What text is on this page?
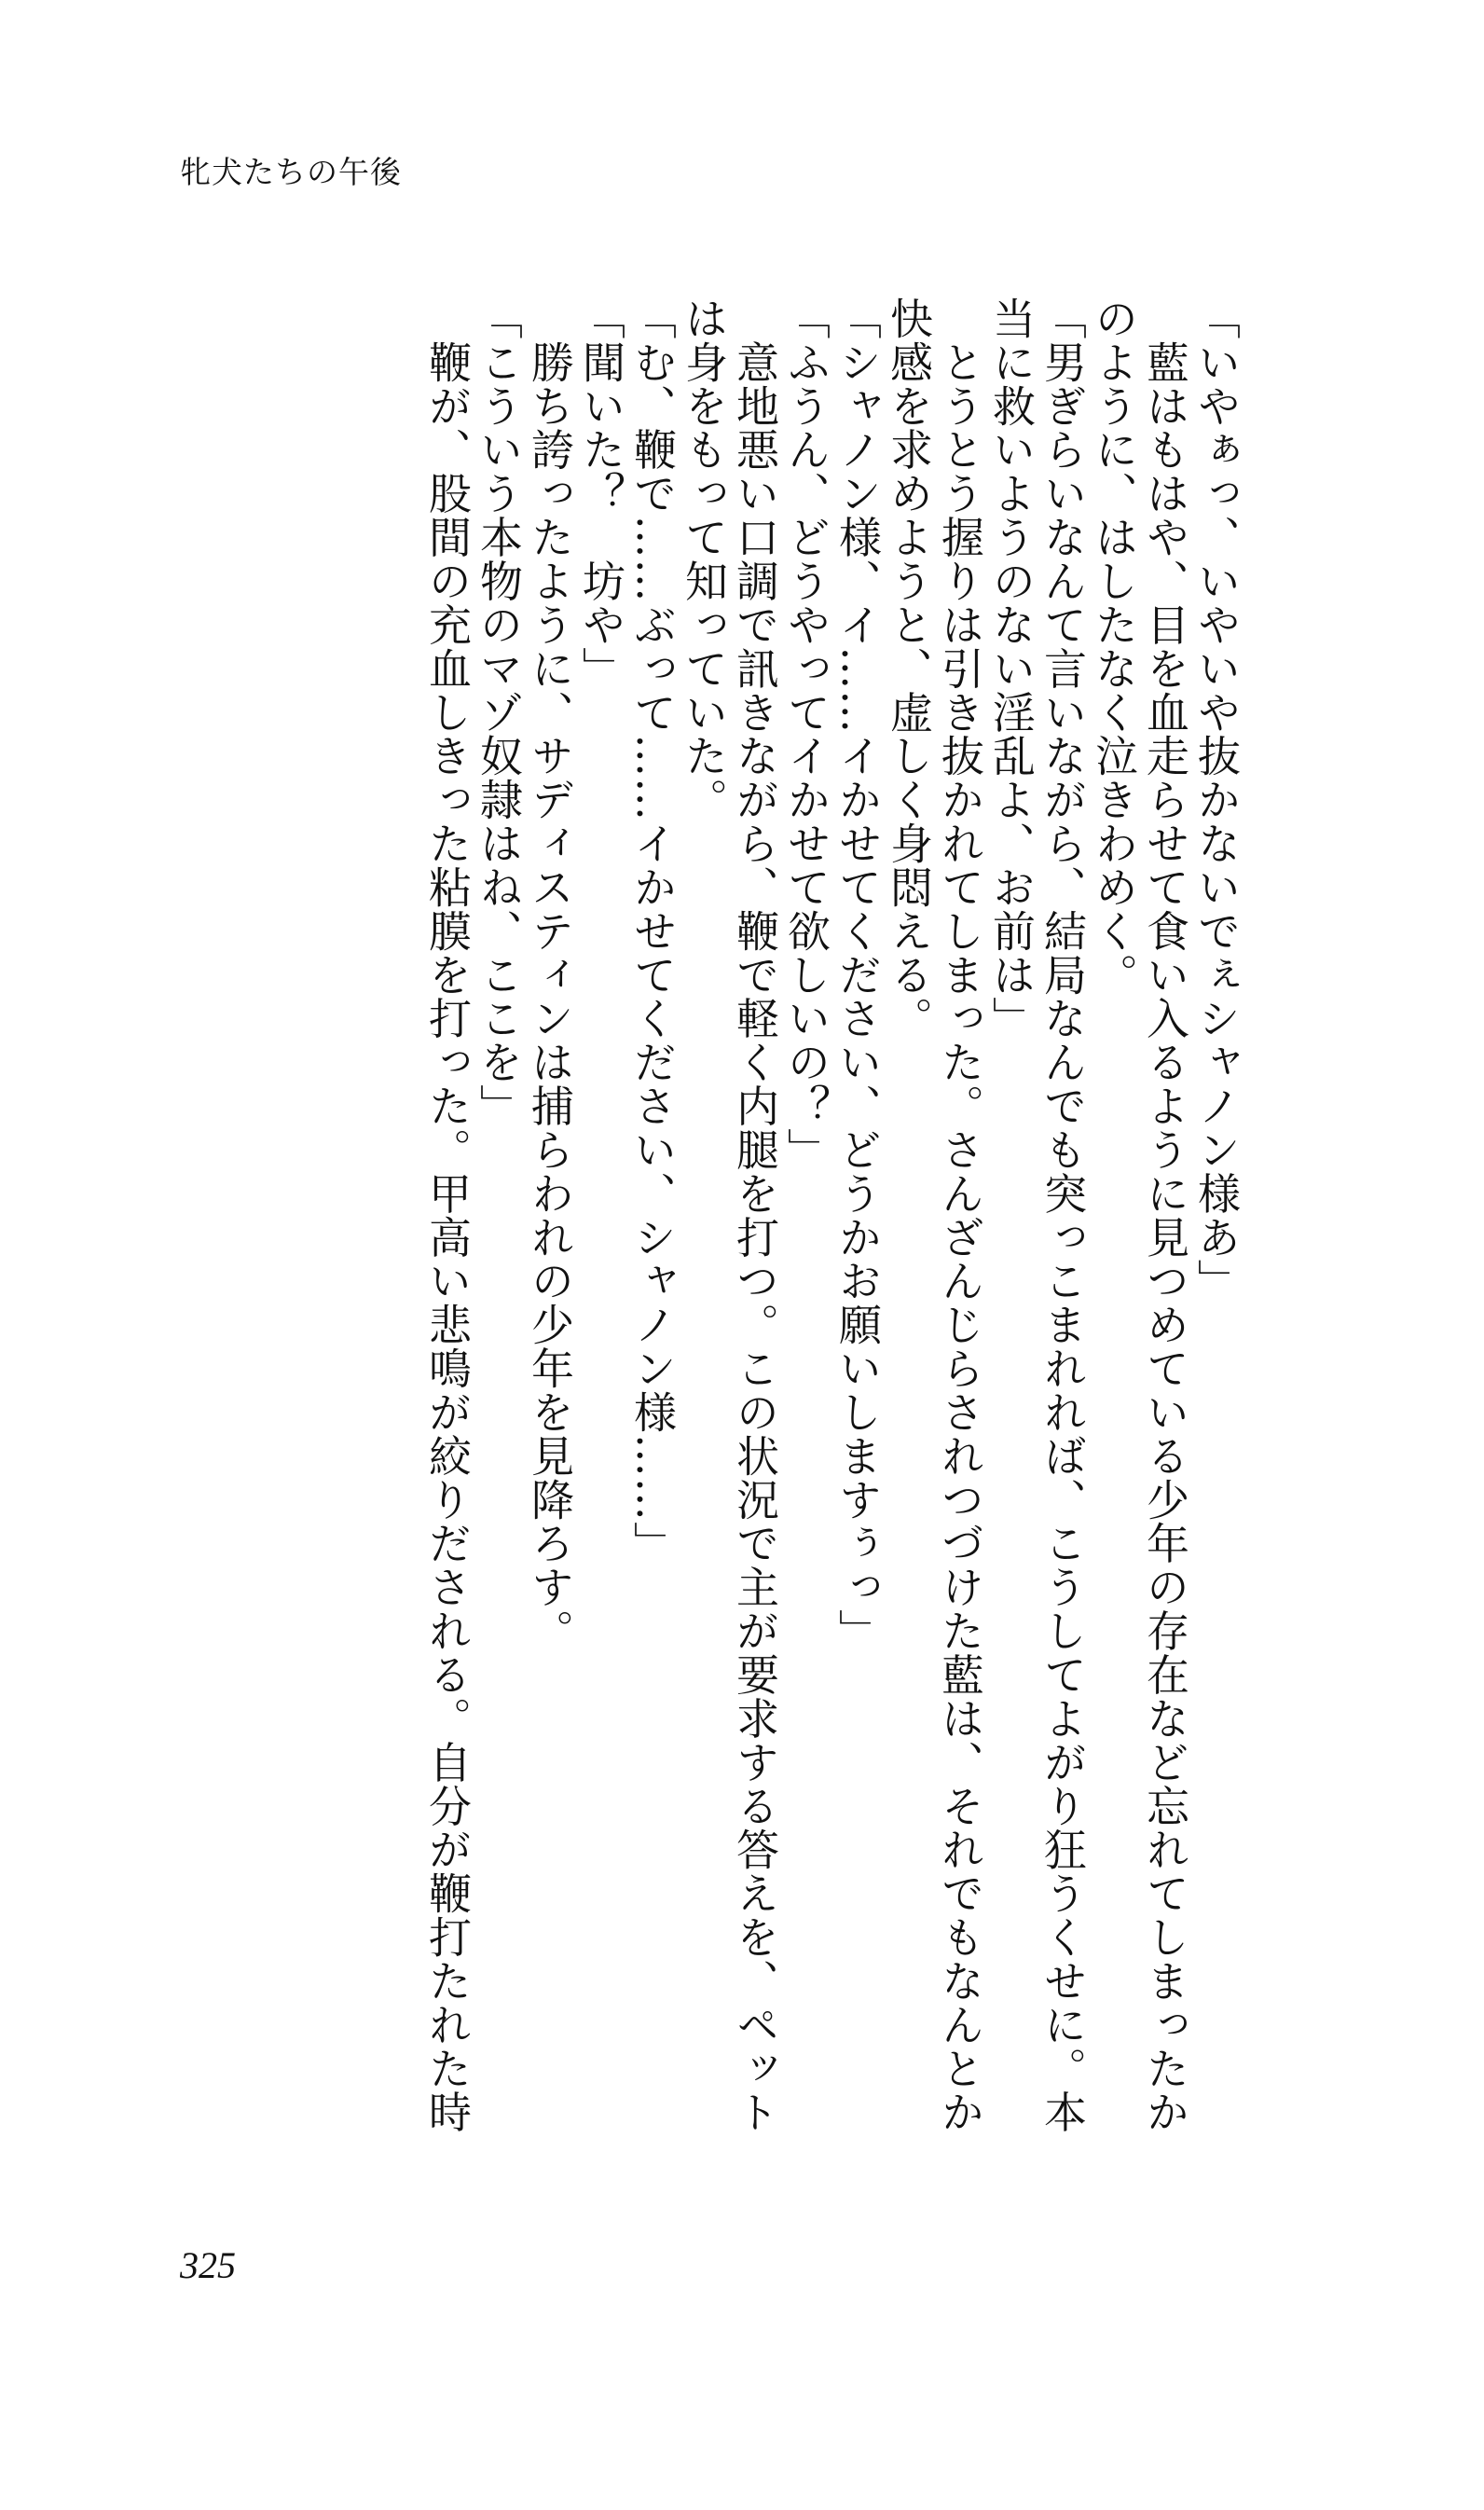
牝犬たちの午後
「いやぁっ、いやいや抜かないでぇシャノン様あ」
　藍はもはや、目を血走らせて食い入るように見つめている少年の存在など忘れてしまったか
のように、はしたなく泣きわめく。
「男ぎらいなんて言いながら、結局なんでも突っこまれれば、こうしてよがり狂うくせに。本
当に救いようのない淫乱よ、お前は」
　とうとう握りは引き抜かれてしまった。さんざんじらされつづけた藍は、それでもなんとか
快感を求めようと、虚しく身悶える。
「シャノン様、イ……イかせてください、どうかお願いしますぅっ」
「ふうん、どうやってイかせて欲しいの？」
　意地悪い口調で訊きながら、鞭で軽く内腿を打つ。この状況で主が要求する答えを、ペット
は身をもって知っていた。
「む、鞭で……ぶって……イかせてください、シャノン様……」
「聞いた？　坊や」
　勝ち誇ったように、サディスティンは捕らわれの少年を見降ろす。
「こういう本物のマゾ奴隷はね、ここを」
　鞭が、股間の充血しきった粘膜を打った。甲高い悲鳴が絞りだされる。自分が鞭打たれた時
325
